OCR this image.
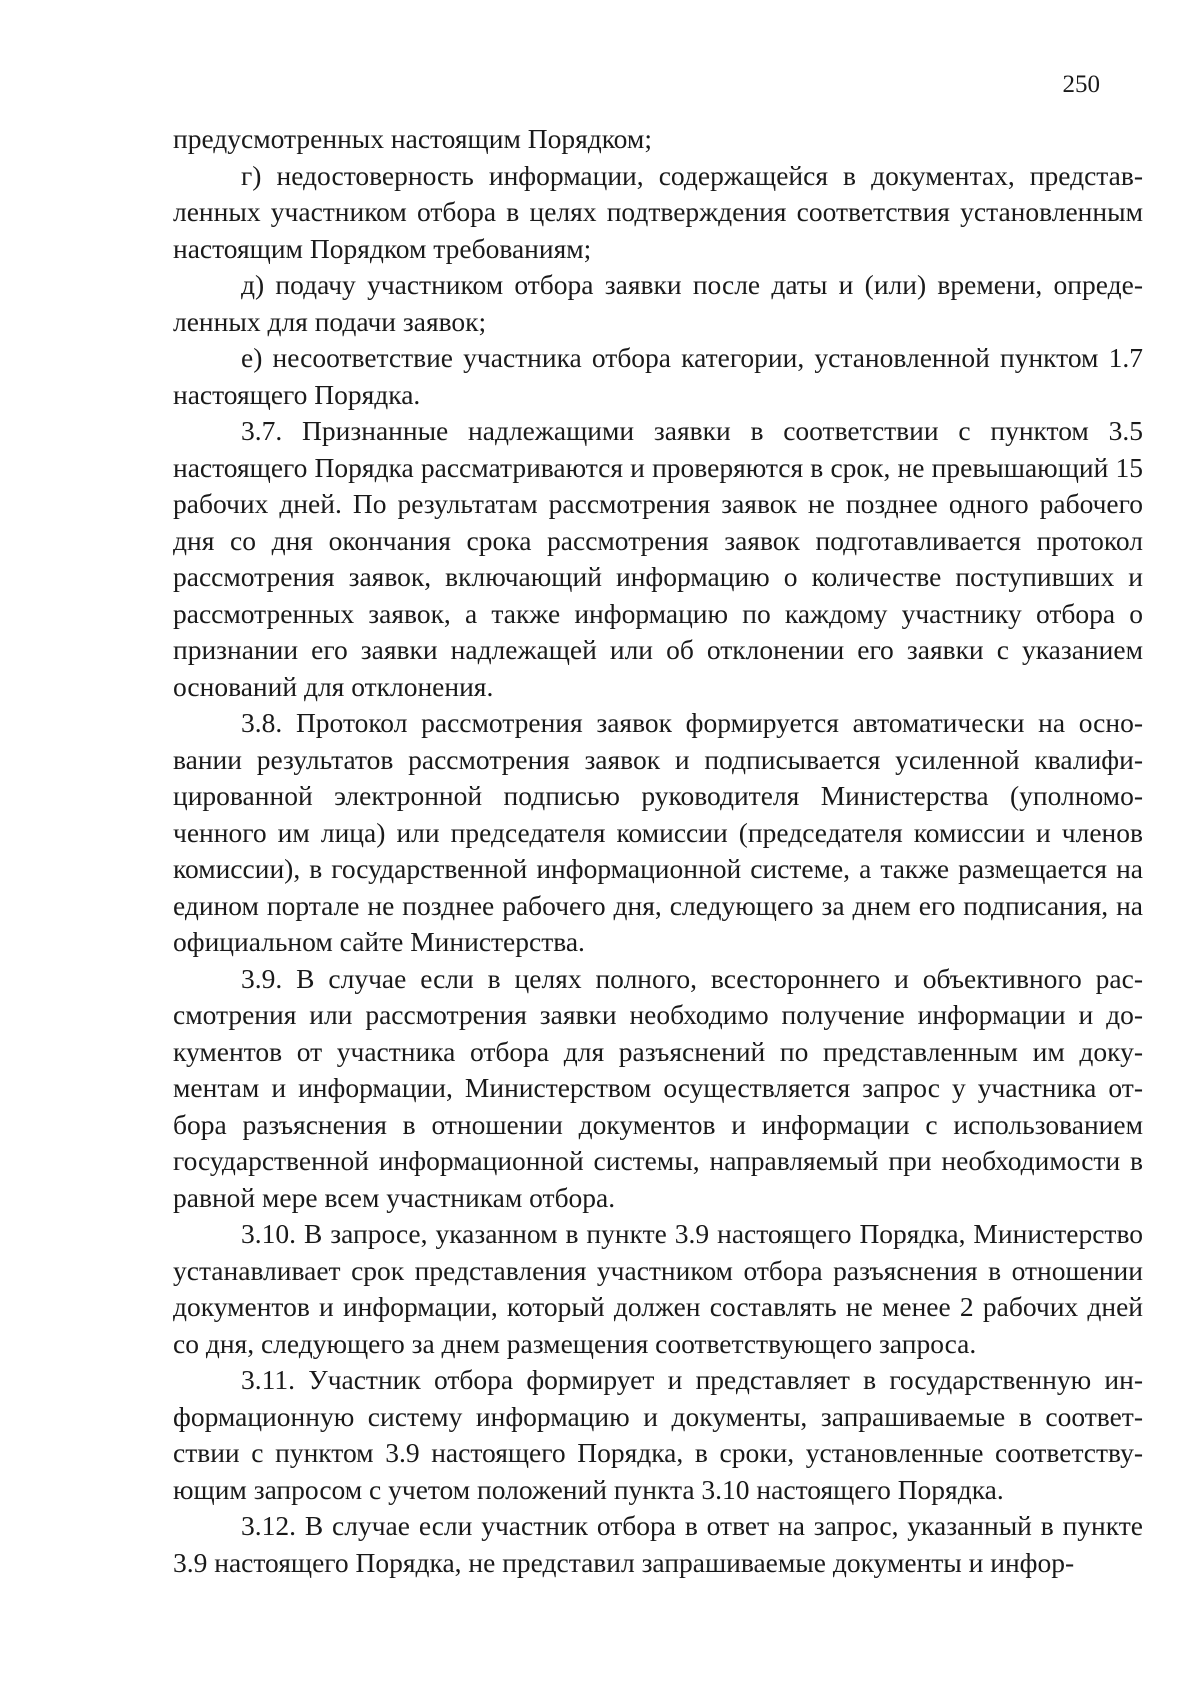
250

предусмотренных настоящим Порядком;

г) недостоверность информации, содержащейся в документах, представленных участником отбора в целях подтверждения соответствия установленным настоящим Порядком требованиям;

д) подачу участником отбора заявки после даты и (или) времени, определенных для подачи заявок;

е) несоответствие участника отбора категории, установленной пунктом 1.7 настоящего Порядка.

3.7. Признанные надлежащими заявки в соответствии с пунктом 3.5 настоящего Порядка рассматриваются и проверяются в срок, не превышающий 15 рабочих дней. По результатам рассмотрения заявок не позднее одного рабочего дня со дня окончания срока рассмотрения заявок подготавливается протокол рассмотрения заявок, включающий информацию о количестве поступивших и рассмотренных заявок, а также информацию по каждому участнику отбора о признании его заявки надлежащей или об отклонении его заявки с указанием оснований для отклонения.

3.8. Протокол рассмотрения заявок формируется автоматически на основании результатов рассмотрения заявок и подписывается усиленной квалифицированной электронной подписью руководителя Министерства (уполномоченного им лица) или председателя комиссии (председателя комиссии и членов комиссии), в государственной информационной системе, а также размещается на едином портале не позднее рабочего дня, следующего за днем его подписания, на официальном сайте Министерства.

3.9. В случае если в целях полного, всестороннего и объективного рассмотрения или рассмотрения заявки необходимо получение информации и документов от участника отбора для разъяснений по представленным им документам и информации, Министерством осуществляется запрос у участника отбора разъяснения в отношении документов и информации с использованием государственной информационной системы, направляемый при необходимости в равной мере всем участникам отбора.

3.10. В запросе, указанном в пункте 3.9 настоящего Порядка, Министерство устанавливает срок представления участником отбора разъяснения в отношении документов и информации, который должен составлять не менее 2 рабочих дней со дня, следующего за днем размещения соответствующего запроса.

3.11. Участник отбора формирует и представляет в государственную информационную систему информацию и документы, запрашиваемые в соответствии с пунктом 3.9 настоящего Порядка, в сроки, установленные соответствующим запросом с учетом положений пункта 3.10 настоящего Порядка.

3.12. В случае если участник отбора в ответ на запрос, указанный в пункте 3.9 настоящего Порядка, не представил запрашиваемые документы и инфор-
